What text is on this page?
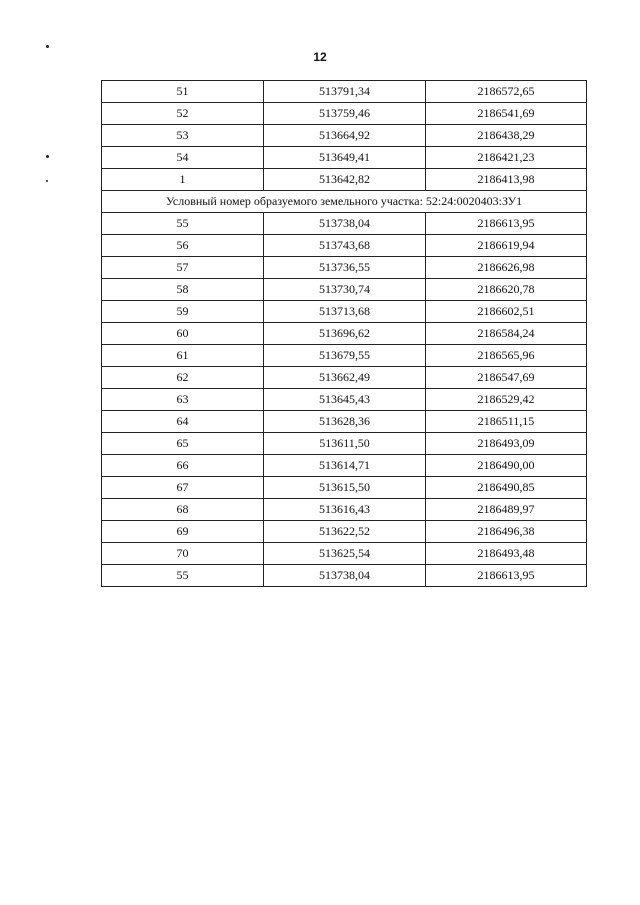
12
51	513791,34	2186572,65
52	513759,46	2186541,69
53	513664,92	2186438,29
54	513649,41	2186421,23
1	513642,82	2186413,98
Условный номер образуемого земельного участка: 52:24:0020403:ЗУ1		
55	513738,04	2186613,95
56	513743,68	2186619,94
57	513736,55	2186626,98
58	513730,74	2186620,78
59	513713,68	2186602,51
60	513696,62	2186584,24
61	513679,55	2186565,96
62	513662,49	2186547,69
63	513645,43	2186529,42
64	513628,36	2186511,15
65	513611,50	2186493,09
66	513614,71	2186490,00
67	513615,50	2186490,85
68	513616,43	2186489,97
69	513622,52	2186496,38
70	513625,54	2186493,48
55	513738,04	2186613,95
